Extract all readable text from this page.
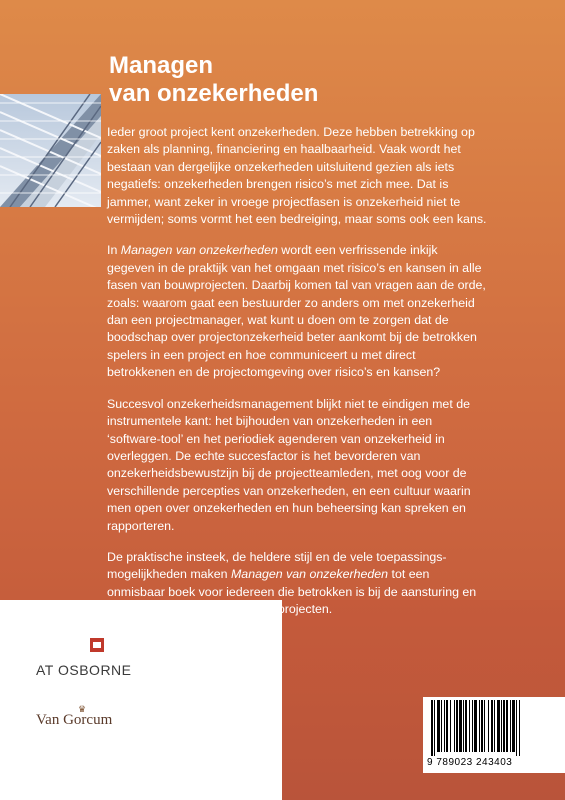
Managen
van onzekerheden

Ieder groot project kent onzekerheden. Deze hebben betrekking op zaken als planning, financiering en haalbaarheid. Vaak wordt het bestaan van dergelijke onzekerheden uitsluitend gezien als iets negatiefs: onzekerheden brengen risico’s met zich mee. Dat is jammer, want zeker in vroege projectfasen is onzekerheid niet te vermijden; soms vormt het een bedreiging, maar soms ook een kans.

In Managen van onzekerheden wordt een verfrissende inkijk gegeven in de praktijk van het omgaan met risico’s en kansen in alle fasen van bouwprojecten. Daarbij komen tal van vragen aan de orde, zoals: waarom gaat een bestuurder zo anders om met onzekerheid dan een projectmanager, wat kunt u doen om te zorgen dat de boodschap over projectonzekerheid beter aankomt bij de betrokken spelers in een project en hoe communiceert u met direct betrokkenen en de projectomgeving over risico’s en kansen?

Succesvol onzekerheidsmanagement blijkt niet te eindigen met de instrumentele kant: het bijhouden van onzekerheden in een ‘software-tool’ en het periodiek agenderen van onzekerheid in overleggen. De echte succesfactor is het bevorderen van onzekerheidsbewustzijn bij de projectteamleden, met oog voor de verschillende percepties van onzekerheden, en een cultuur waarin men open over onzekerheden en hun beheersing kan spreken en rapporteren.

De praktische insteek, de heldere stijl en de vele toepassings-mogelijkheden maken Managen van onzekerheden tot een onmisbaar boek voor iedereen die betrokken is bij de aansturing en begeleiding van grotere (bouw)projecten.

AT OSBORNE
♛
Van Gorcum
9 789023 243403
